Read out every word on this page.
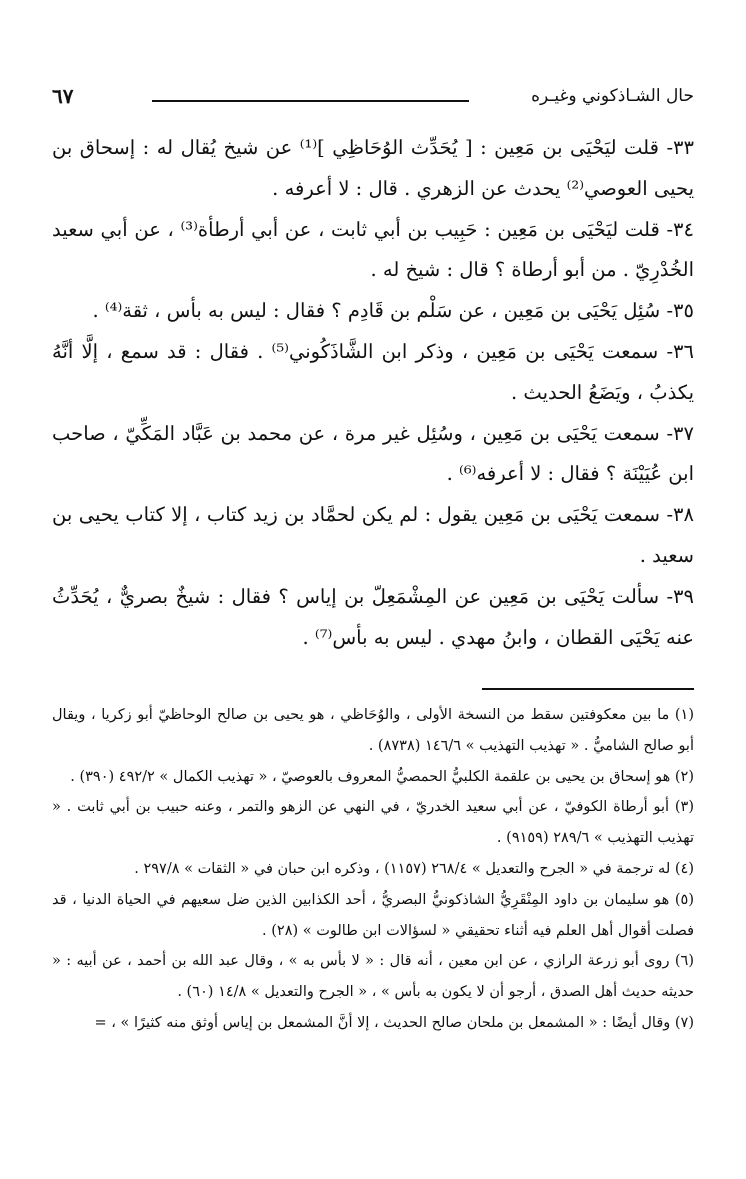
حال الشـاذكوني وغيـره
٦٧

٣٣- قلت ليَحْيَى بن مَعِين : [ يُحَدِّث الوُحَاظِي ]⁽¹⁾ عن شيخ يُقال له : إسحاق بن يحيى العوصي⁽²⁾ يحدث عن الزهري . قال : لا أعرفه .

٣٤- قلت ليَحْيَى بن مَعِين : حَبِيب بن أبي ثابت ، عن أبي أرطأة⁽³⁾ ، عن أبي سعيد الخُدْرِيّ . من أبو أرطاة ؟ قال : شيخ له .

٣٥- سُئِل يَحْيَى بن مَعِين ، عن سَلْم بن قَادِم ؟ فقال : ليس به بأس ، ثقة⁽⁴⁾ .

٣٦- سمعت يَحْيَى بن مَعِين ، وذكر ابن الشَّاذَكُوني⁽⁵⁾ . فقال : قد سمع ، إلَّا أنَّهُ يكذبُ ، ويَضَعُ الحديث .

٣٧- سمعت يَحْيَى بن مَعِين ، وسُئِل غير مرة ، عن محمد بن عَبَّاد المَكِّيّ ، صاحب ابن عُيَيْنَة ؟ فقال : لا أعرفه⁽⁶⁾ .

٣٨- سمعت يَحْيَى بن مَعِين يقول : لم يكن لحمَّاد بن زيد كتاب ، إلا كتاب يحيى بن سعيد .

٣٩- سألت يَحْيَى بن مَعِين عن المِشْمَعِلّ بن إياس ؟ فقال : شيخٌ بصريٌّ ، يُحَدِّثُ عنه يَحْيَى القطان ، وابنُ مهدي . ليس به بأس⁽⁷⁾ .

(١) ما بين معكوفتين سقط من النسخة الأولى ، والوُحَاظي ، هو يحيى بن صالح الوحاظيّ أبو زكريا ، ويقال أبو صالح الشاميُّ . « تهذيب التهذيب » ١٤٦/٦ (٨٧٣٨) .

(٢) هو إسحاق بن يحيى بن علقمة الكلبيُّ الحمصيُّ المعروف بالعوصيّ ، « تهذيب الكمال » ٤٩٢/٢ (٣٩٠) .

(٣) أبو أرطاة الكوفيّ ، عن أبي سعيد الخدريّ ، في النهي عن الزهو والتمر ، وعنه حبيب بن أبي ثابت . « تهذيب التهذيب » ٢٨٩/٦ (٩١٥٩) .

(٤) له ترجمة في « الجرح والتعديل » ٢٦٨/٤ (١١٥٧) ، وذكره ابن حبان في « الثقات » ٢٩٧/٨ .

(٥) هو سليمان بن داود المِنْقَرِيُّ الشاذكونيُّ البصريُّ ، أحد الكذابين الذين ضل سعيهم في الحياة الدنيا ، قد فصلت أقوال أهل العلم فيه أثناء تحقيقي « لسؤالات ابن طالوت » (٢٨) .

(٦) روى أبو زرعة الرازي ، عن ابن معين ، أنه قال : « لا بأس به » ، وقال عبد الله بن أحمد ، عن أبيه : « حديثه حديث أهل الصدق ، أرجو أن لا يكون به بأس » ، « الجرح والتعديل » ١٤/٨ (٦٠) .

(٧) وقال أيضًا : « المشمعل بن ملحان صالح الحديث ، إلا أنَّ المشمعل بن إياس أوثق منه كثيرًا » ، =
